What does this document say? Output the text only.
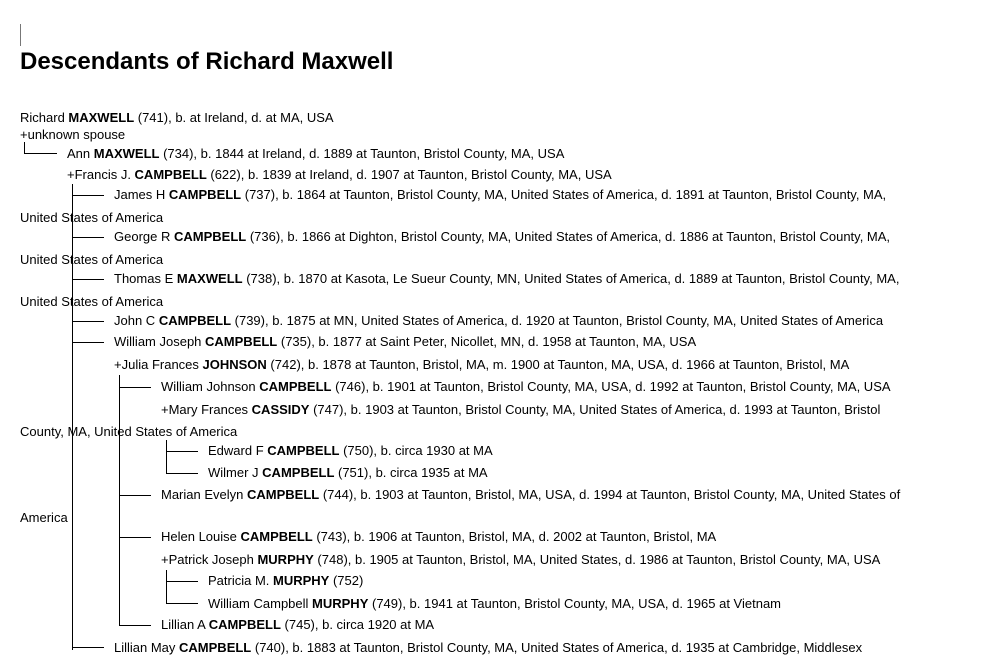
Descendants of Richard Maxwell
Richard MAXWELL (741), b. at Ireland, d. at MA, USA
+unknown spouse
Ann MAXWELL (734), b. 1844 at Ireland, d. 1889 at Taunton, Bristol County, MA, USA
+Francis J. CAMPBELL (622), b. 1839 at Ireland, d. 1907 at Taunton, Bristol County, MA, USA
James H CAMPBELL (737), b. 1864 at Taunton, Bristol County, MA, United States of America, d. 1891 at Taunton, Bristol County, MA,
United States of America
George R CAMPBELL (736), b. 1866 at Dighton, Bristol County, MA, United States of America, d. 1886 at Taunton, Bristol County, MA,
United States of America
Thomas E MAXWELL (738), b. 1870 at Kasota, Le Sueur County, MN, United States of America, d. 1889 at Taunton, Bristol County, MA,
United States of America
John C CAMPBELL (739), b. 1875 at MN, United States of America, d. 1920 at Taunton, Bristol County, MA, United States of America
William Joseph CAMPBELL (735), b. 1877 at Saint Peter, Nicollet, MN, d. 1958 at Taunton, MA, USA
+Julia Frances JOHNSON (742), b. 1878 at Taunton, Bristol, MA, m. 1900 at Taunton, MA, USA, d. 1966 at Taunton, Bristol, MA
William Johnson CAMPBELL (746), b. 1901 at Taunton, Bristol County, MA, USA, d. 1992 at Taunton, Bristol County, MA, USA
+Mary Frances CASSIDY (747), b. 1903 at Taunton, Bristol County, MA, United States of America, d. 1993 at Taunton, Bristol
County, MA, United States of America
Edward F CAMPBELL (750), b. circa 1930 at MA
Wilmer J CAMPBELL (751), b. circa 1935 at MA
Marian Evelyn CAMPBELL (744), b. 1903 at Taunton, Bristol, MA, USA, d. 1994 at Taunton, Bristol County, MA, United States of
America
Helen Louise CAMPBELL (743), b. 1906 at Taunton, Bristol, MA, d. 2002 at Taunton, Bristol, MA
+Patrick Joseph MURPHY (748), b. 1905 at Taunton, Bristol, MA, United States, d. 1986 at Taunton, Bristol County, MA, USA
Patricia M. MURPHY (752)
William Campbell MURPHY (749), b. 1941 at Taunton, Bristol County, MA, USA, d. 1965 at Vietnam
Lillian A CAMPBELL (745), b. circa 1920 at MA
Lillian May CAMPBELL (740), b. 1883 at Taunton, Bristol County, MA, United States of America, d. 1935 at Cambridge, Middlesex
